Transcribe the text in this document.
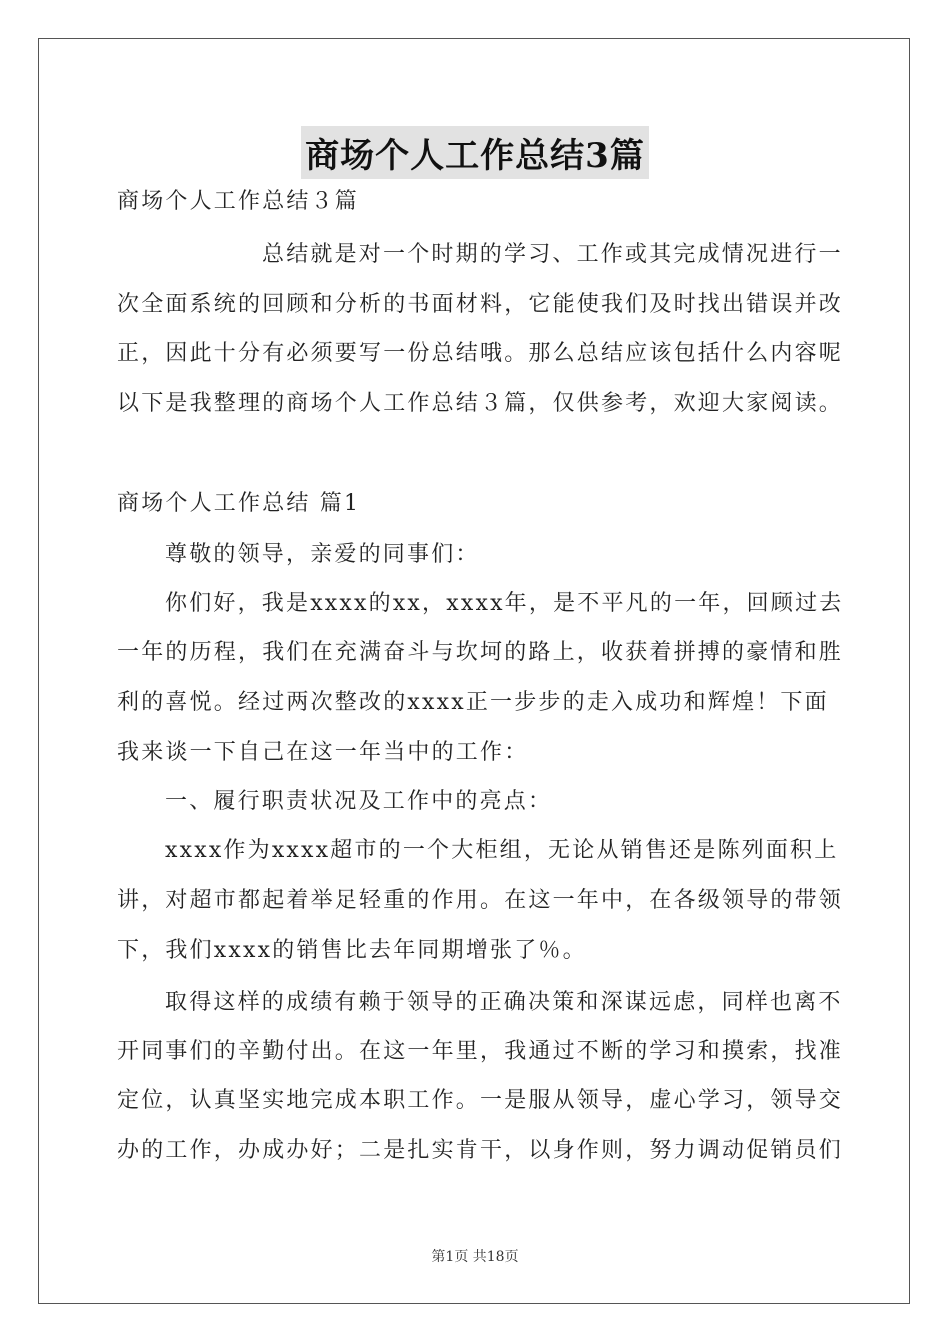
商场个人工作总结3篇
商场个人工作总结３篇
总结就是对一个时期的学习、工作或其完成情况进行一
次全面系统的回顾和分析的书面材料，它能使我们及时找出错误并改
正，因此十分有必须要写一份总结哦。那么总结应该包括什么内容呢
以下是我整理的商场个人工作总结３篇，仅供参考，欢迎大家阅读。
商场个人工作总结 篇1
尊敬的领导，亲爱的同事们：
你们好，我是xxxx的xx，xxxx年，是不平凡的一年，回顾过去
一年的历程，我们在充满奋斗与坎坷的路上，收获着拼搏的豪情和胜
利的喜悦。经过两次整改的xxxx正一步步的走入成功和辉煌！下面
我来谈一下自己在这一年当中的工作：
一、履行职责状况及工作中的亮点：
xxxx作为xxxx超市的一个大柜组，无论从销售还是陈列面积上
讲，对超市都起着举足轻重的作用。在这一年中，在各级领导的带领
下，我们xxxx的销售比去年同期增张了％。
取得这样的成绩有赖于领导的正确决策和深谋远虑，同样也离不
开同事们的辛勤付出。在这一年里，我通过不断的学习和摸索，找准
定位，认真坚实地完成本职工作。一是服从领导，虚心学习，领导交
办的工作，办成办好；二是扎实肯干，以身作则，努力调动促销员们
第1页 共18页
